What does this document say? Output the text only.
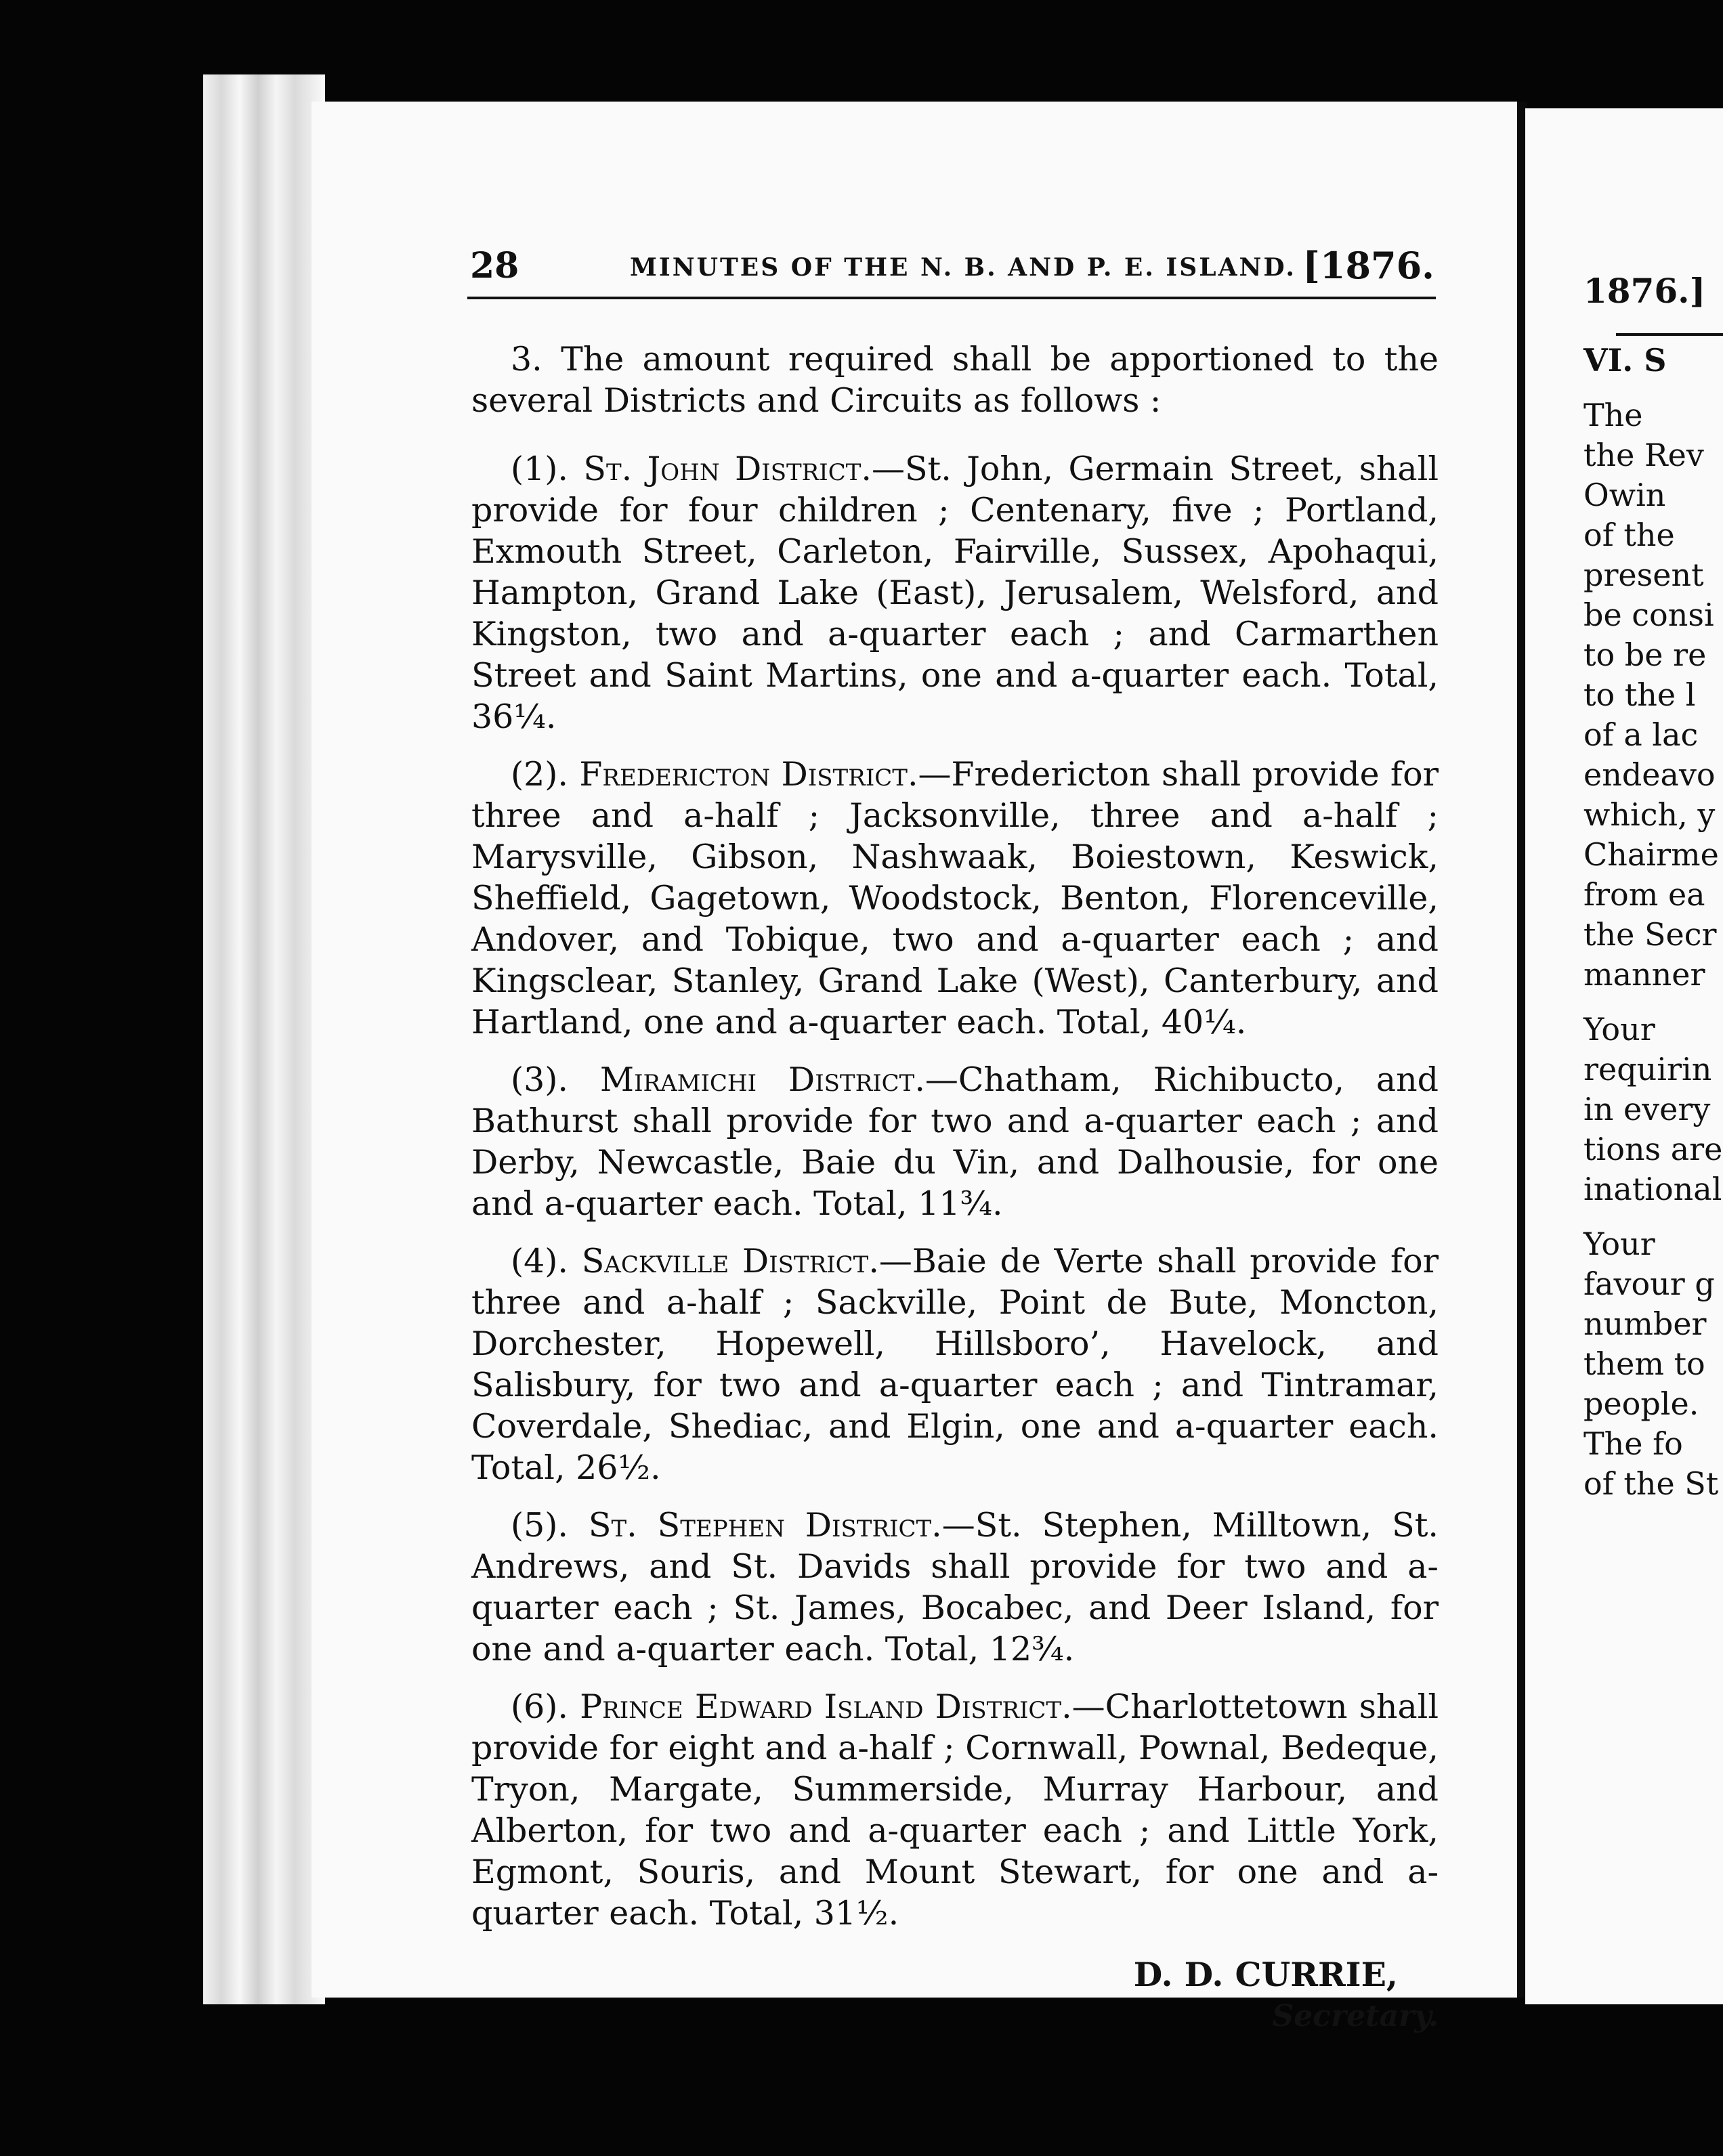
28	MINUTES OF THE N. B. AND P. E. ISLAND. [1876.

3. The amount required shall be apportioned to the several Districts and Circuits as follows :

(1). St. John District.—St. John, Germain Street, shall provide for four children ; Centenary, five ; Portland, Exmouth Street, Carleton, Fairville, Sussex, Apohaqui, Hampton, Grand Lake (East), Jerusalem, Welsford, and Kingston, two and a-quarter each ; and Carmarthen Street and Saint Martins, one and a-quarter each. Total, 36¼.

(2). Fredericton District.—Fredericton shall provide for three and a-half ; Jacksonville, three and a-half ; Marysville, Gibson, Nashwaak, Boiestown, Keswick, Sheffield, Gagetown, Woodstock, Benton, Florenceville, Andover, and Tobique, two and a-quarter each ; and Kingsclear, Stanley, Grand Lake (West), Canterbury, and Hartland, one and a-quarter each. Total, 40¼.

(3). Miramichi District.—Chatham, Richibucto, and Bathurst shall provide for two and a-quarter each ; and Derby, Newcastle, Baie du Vin, and Dalhousie, for one and a-quarter each. Total, 11¾.

(4). Sackville District.—Baie de Verte shall provide for three and a-half ; Sackville, Point de Bute, Moncton, Dorchester, Hopewell, Hillsboro’, Havelock, and Salisbury, for two and a-quarter each ; and Tintramar, Coverdale, Shediac, and Elgin, one and a-quarter each. Total, 26½.

(5). St. Stephen District.—St. Stephen, Milltown, St. Andrews, and St. Davids shall provide for two and a-quarter each ; St. James, Bocabec, and Deer Island, for one and a-quarter each. Total, 12¾.

(6). Prince Edward Island District.—Charlottetown shall provide for eight and a-half ; Cornwall, Pownal, Bedeque, Tryon, Margate, Summerside, Murray Harbour, and Alberton, for two and a-quarter each ; and Little York, Egmont, Souris, and Mount Stewart, for one and a-quarter each. Total, 31½.

D. D. CURRIE,
Secretary.
1876.]
VI. S
The
the Rev
Owin
of the
present
be consi
to be re
to the l
of a lac
endeavo
which, y
Chairme
from ea
the Secr
manner
Your
requirin
in every
tions are
inational
Your
favour g
number
them to
people.
The fo
of the St
